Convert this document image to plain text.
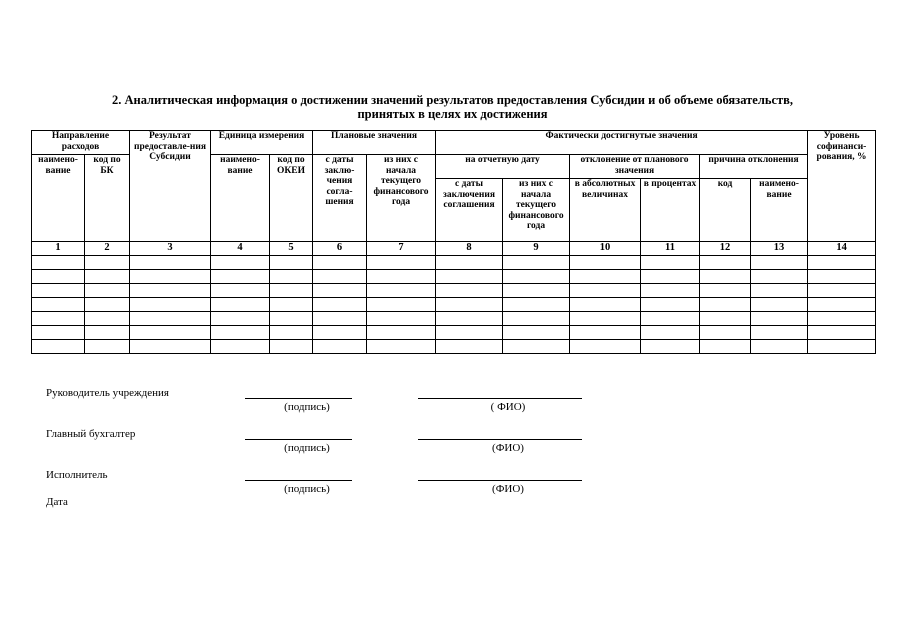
2. Аналитическая информация о достижении значений результатов предоставления Субсидии и об объеме обязательств,
принятых в целях их достижения
Направление расходов		Результат предоставле-ния Субсидии	Единица измерения		Плановые значения		Фактически достигнутые значения						Уровень софинанси-рования, %
наимено-вание	код по БК		наимено-вание	код по ОКЕИ	с даты заклю-чения согла-шения	из них с начала текущего финансового года	на отчетную дату		отклонение от планового значения		причина отклонения		
							с даты заключения соглашения	из них с начала текущего финансового года	в абсолютных величинах	в процентах	код	наимено-вание	
1	2	3	4	5	6	7	8	9	10	11	12	13	14

Руководитель учреждения
(подпись)	( ФИО)
Главный бухгалтер
(подпись)	(ФИО)
Исполнитель
(подпись)	(ФИО)
Дата
